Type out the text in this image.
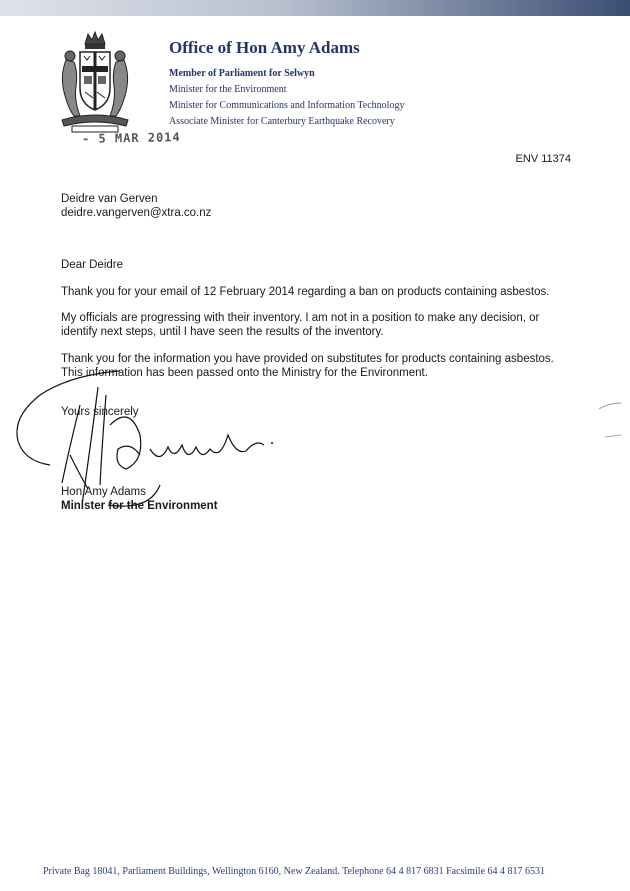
Office of Hon Amy Adams
Member of Parliament for Selwyn
Minister for the Environment
Minister for Communications and Information Technology
Associate Minister for Canterbury Earthquake Recovery
- 5 MAR 2014
ENV 11374
Deidre van Gerven
deidre.vangerven@xtra.co.nz

Dear Deidre

Thank you for your email of 12 February 2014 regarding a ban on products containing asbestos.

My officials are progressing with their inventory. I am not in a position to make any decision, or identify next steps, until I have seen the results of the inventory.

Thank you for the information you have provided on substitutes for products containing asbestos. This information has been passed onto the Ministry for the Environment.

Yours sincerely

Hon Amy Adams
Minister for the Environment
Private Bag 18041, Parliament Buildings, Wellington 6160, New Zealand. Telephone 64 4 817 6831 Facsimile 64 4 817 6531
